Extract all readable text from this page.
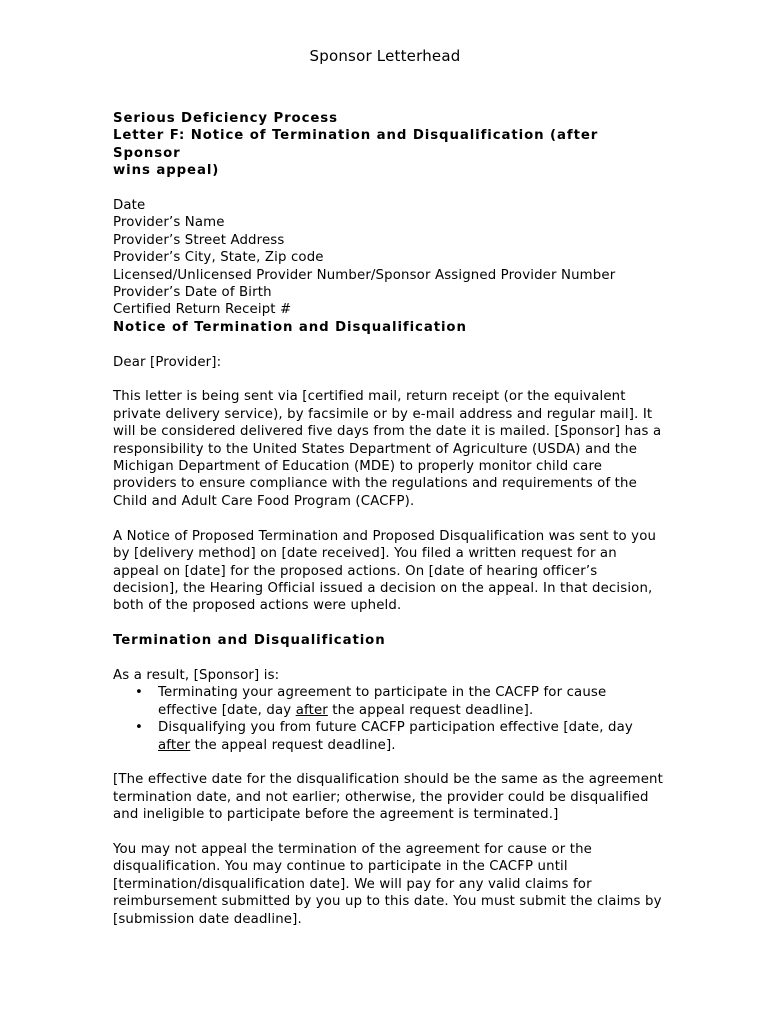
Sponsor Letterhead

Serious Deficiency Process

Letter F: Notice of Termination and Disqualification (after Sponsor

wins appeal)

Date

Provider’s Name

Provider’s Street Address

Provider’s City, State, Zip code

Licensed/Unlicensed Provider Number/Sponsor Assigned Provider Number

Provider’s Date of Birth

Certified Return Receipt #

Notice of Termination and Disqualification

Dear [Provider]:

This letter is being sent via [certified mail, return receipt (or the equivalent private delivery service), by facsimile or by e-mail address and regular mail]. It will be considered delivered five days from the date it is mailed. [Sponsor] has a responsibility to the United States Department of Agriculture (USDA) and the Michigan Department of Education (MDE) to properly monitor child care providers to ensure compliance with the regulations and requirements of the Child and Adult Care Food Program (CACFP).

A Notice of Proposed Termination and Proposed Disqualification was sent to you by [delivery method] on [date received]. You filed a written request for an appeal on [date] for the proposed actions. On [date of hearing officer’s decision], the Hearing Official issued a decision on the appeal. In that decision, both of the proposed actions were upheld.

Termination and Disqualification

As a result, [Sponsor] is:

• Terminating your agreement to participate in the CACFP for cause effective [date, day after the appeal request deadline].
• Disqualifying you from future CACFP participation effective [date, day after the appeal request deadline].

[The effective date for the disqualification should be the same as the agreement termination date, and not earlier; otherwise, the provider could be disqualified and ineligible to participate before the agreement is terminated.]

You may not appeal the termination of the agreement for cause or the disqualification. You may continue to participate in the CACFP until [termination/disqualification date]. We will pay for any valid claims for reimbursement submitted by you up to this date. You must submit the claims by [submission date deadline].
